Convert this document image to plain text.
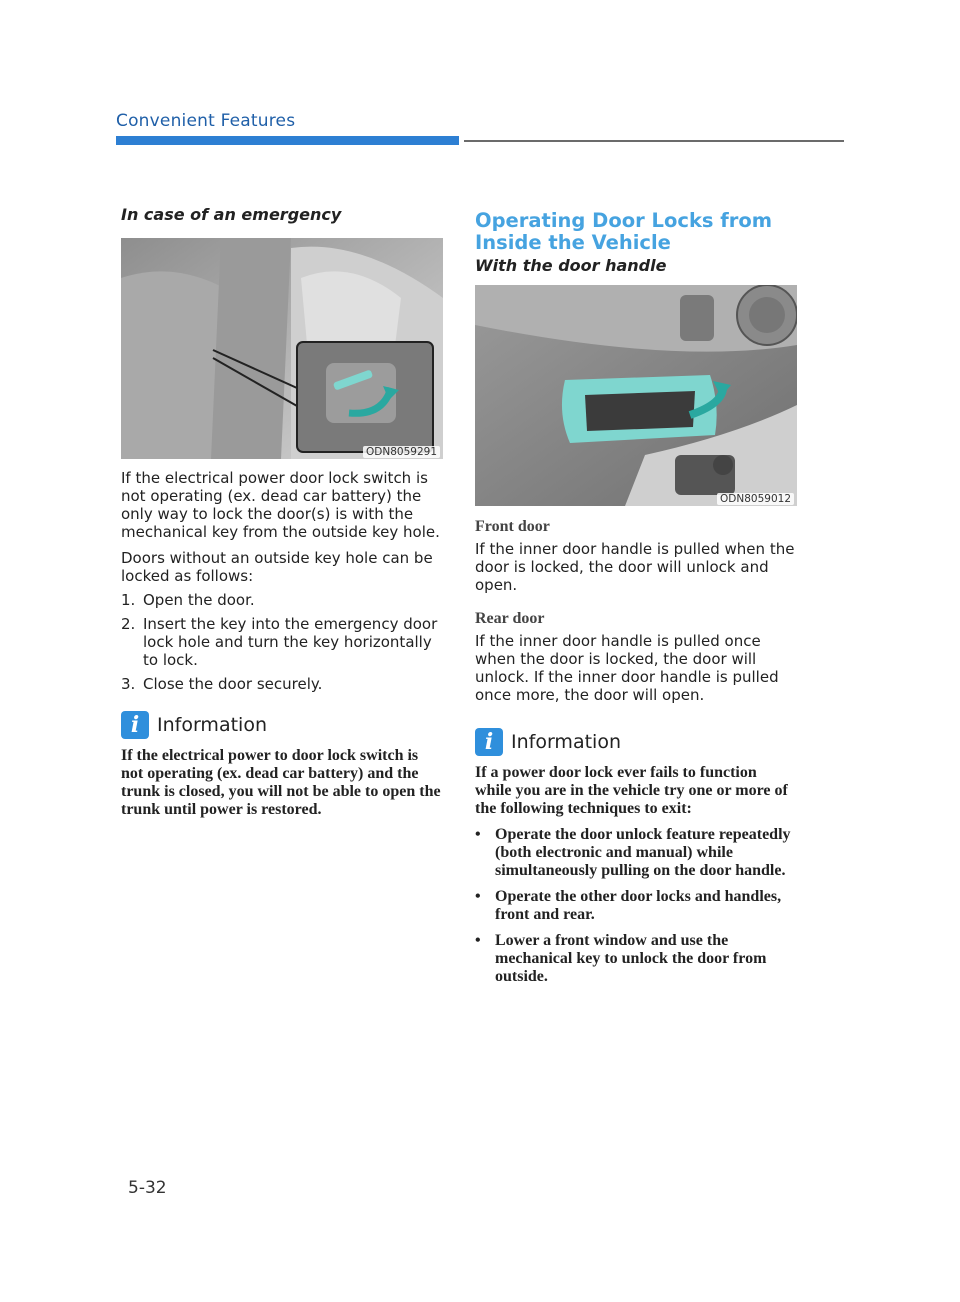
Convenient Features

In case of an emergency

ODN8059291

If the electrical power door lock switch is not operating (ex. dead car battery) the only way to lock the door(s) is with the mechanical key from the outside key hole.

Doors without an outside key hole can be locked as follows:

1. Open the door.
2. Insert the key into the emergency door lock hole and turn the key horizontally to lock.
3. Close the door securely.
i Information

If the electrical power to door lock switch is not operating (ex. dead car battery) and the trunk is closed, you will not be able to open the trunk until power is restored.

Operating Door Locks from

Inside the Vehicle

With the door handle

ODN8059012

Front door

If the inner door handle is pulled when the door is locked, the door will unlock and open.

Rear door

If the inner door handle is pulled once when the door is locked, the door will unlock. If the inner door handle is pulled once more, the door will open.

i Information

If a power door lock ever fails to function while you are in the vehicle try one or more of the following techniques to exit:

• Operate the door unlock feature repeatedly (both electronic and manual) while simultaneously pulling on the door handle.
• Operate the other door locks and handles, front and rear.
• Lower a front window and use the mechanical key to unlock the door from outside.
5-32
